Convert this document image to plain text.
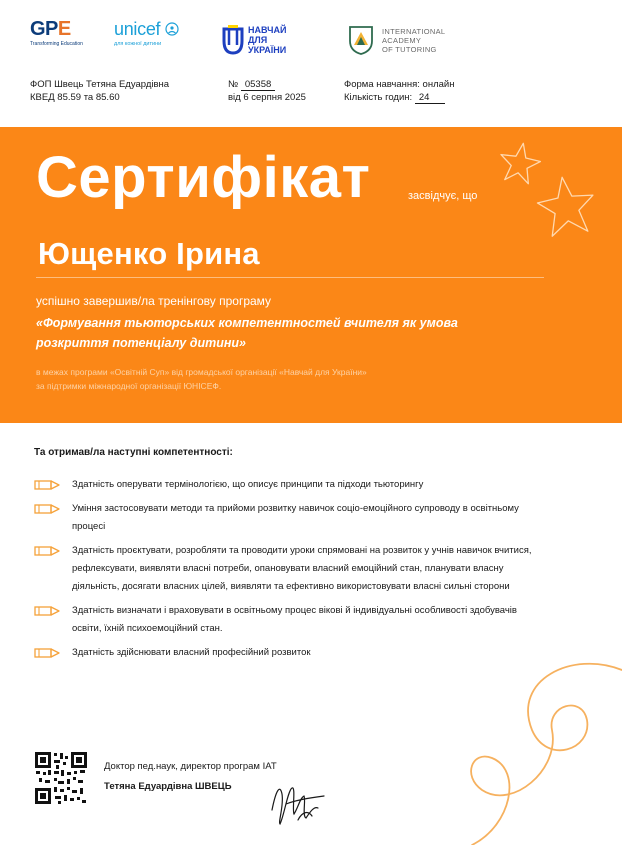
GPE
Transforming Education
unicef
для кожної дитини
НАВЧАЙ
ДЛЯ
УКРАЇНИ
INTERNATIONAL
ACADEMY
OF TUTORING
ФОП Швець Тетяна Едуардівна
КВЕД 85.59 та 85.60
№ 05358
від 6 серпня 2025
Форма навчання: онлайн
Кількість годин: 24
Сертифікат	засвідчує, що
Ющенко Ірина
успішно завершив/ла тренінгову програму
«Формування тьюторських компетентностей вчителя як умова
розкриття потенціалу дитини»
в межах програми «Освітній Суп» від громадської організації «Навчай для України»
за підтримки міжнародної організації ЮНІСЕФ.
Та отримав/ла наступні компетентності:
Здатність оперувати термінологією, що описує принципи та підходи тьюторингу
Уміння застосовувати методи та прийоми розвитку навичок соціо-емоційного супроводу в освітньому процесі
Здатність проєктувати, розробляти та проводити уроки спрямовані на розвиток у учнів навичок вчитися, рефлексувати, виявляти власні потреби, опановувати власний емоційний стан, планувати власну діяльність, досягати власних цілей, виявляти та ефективно використовувати власні сильні сторони
Здатність визначати і враховувати в освітньому процес вікові й індивідуальні особливості здобувачів освіти, їхній психоемоційний стан.
Здатність здійснювати власний професійний розвиток
Доктор пед.наук, директор програм IAT
Тетяна Едуардівна ШВЕЦЬ
